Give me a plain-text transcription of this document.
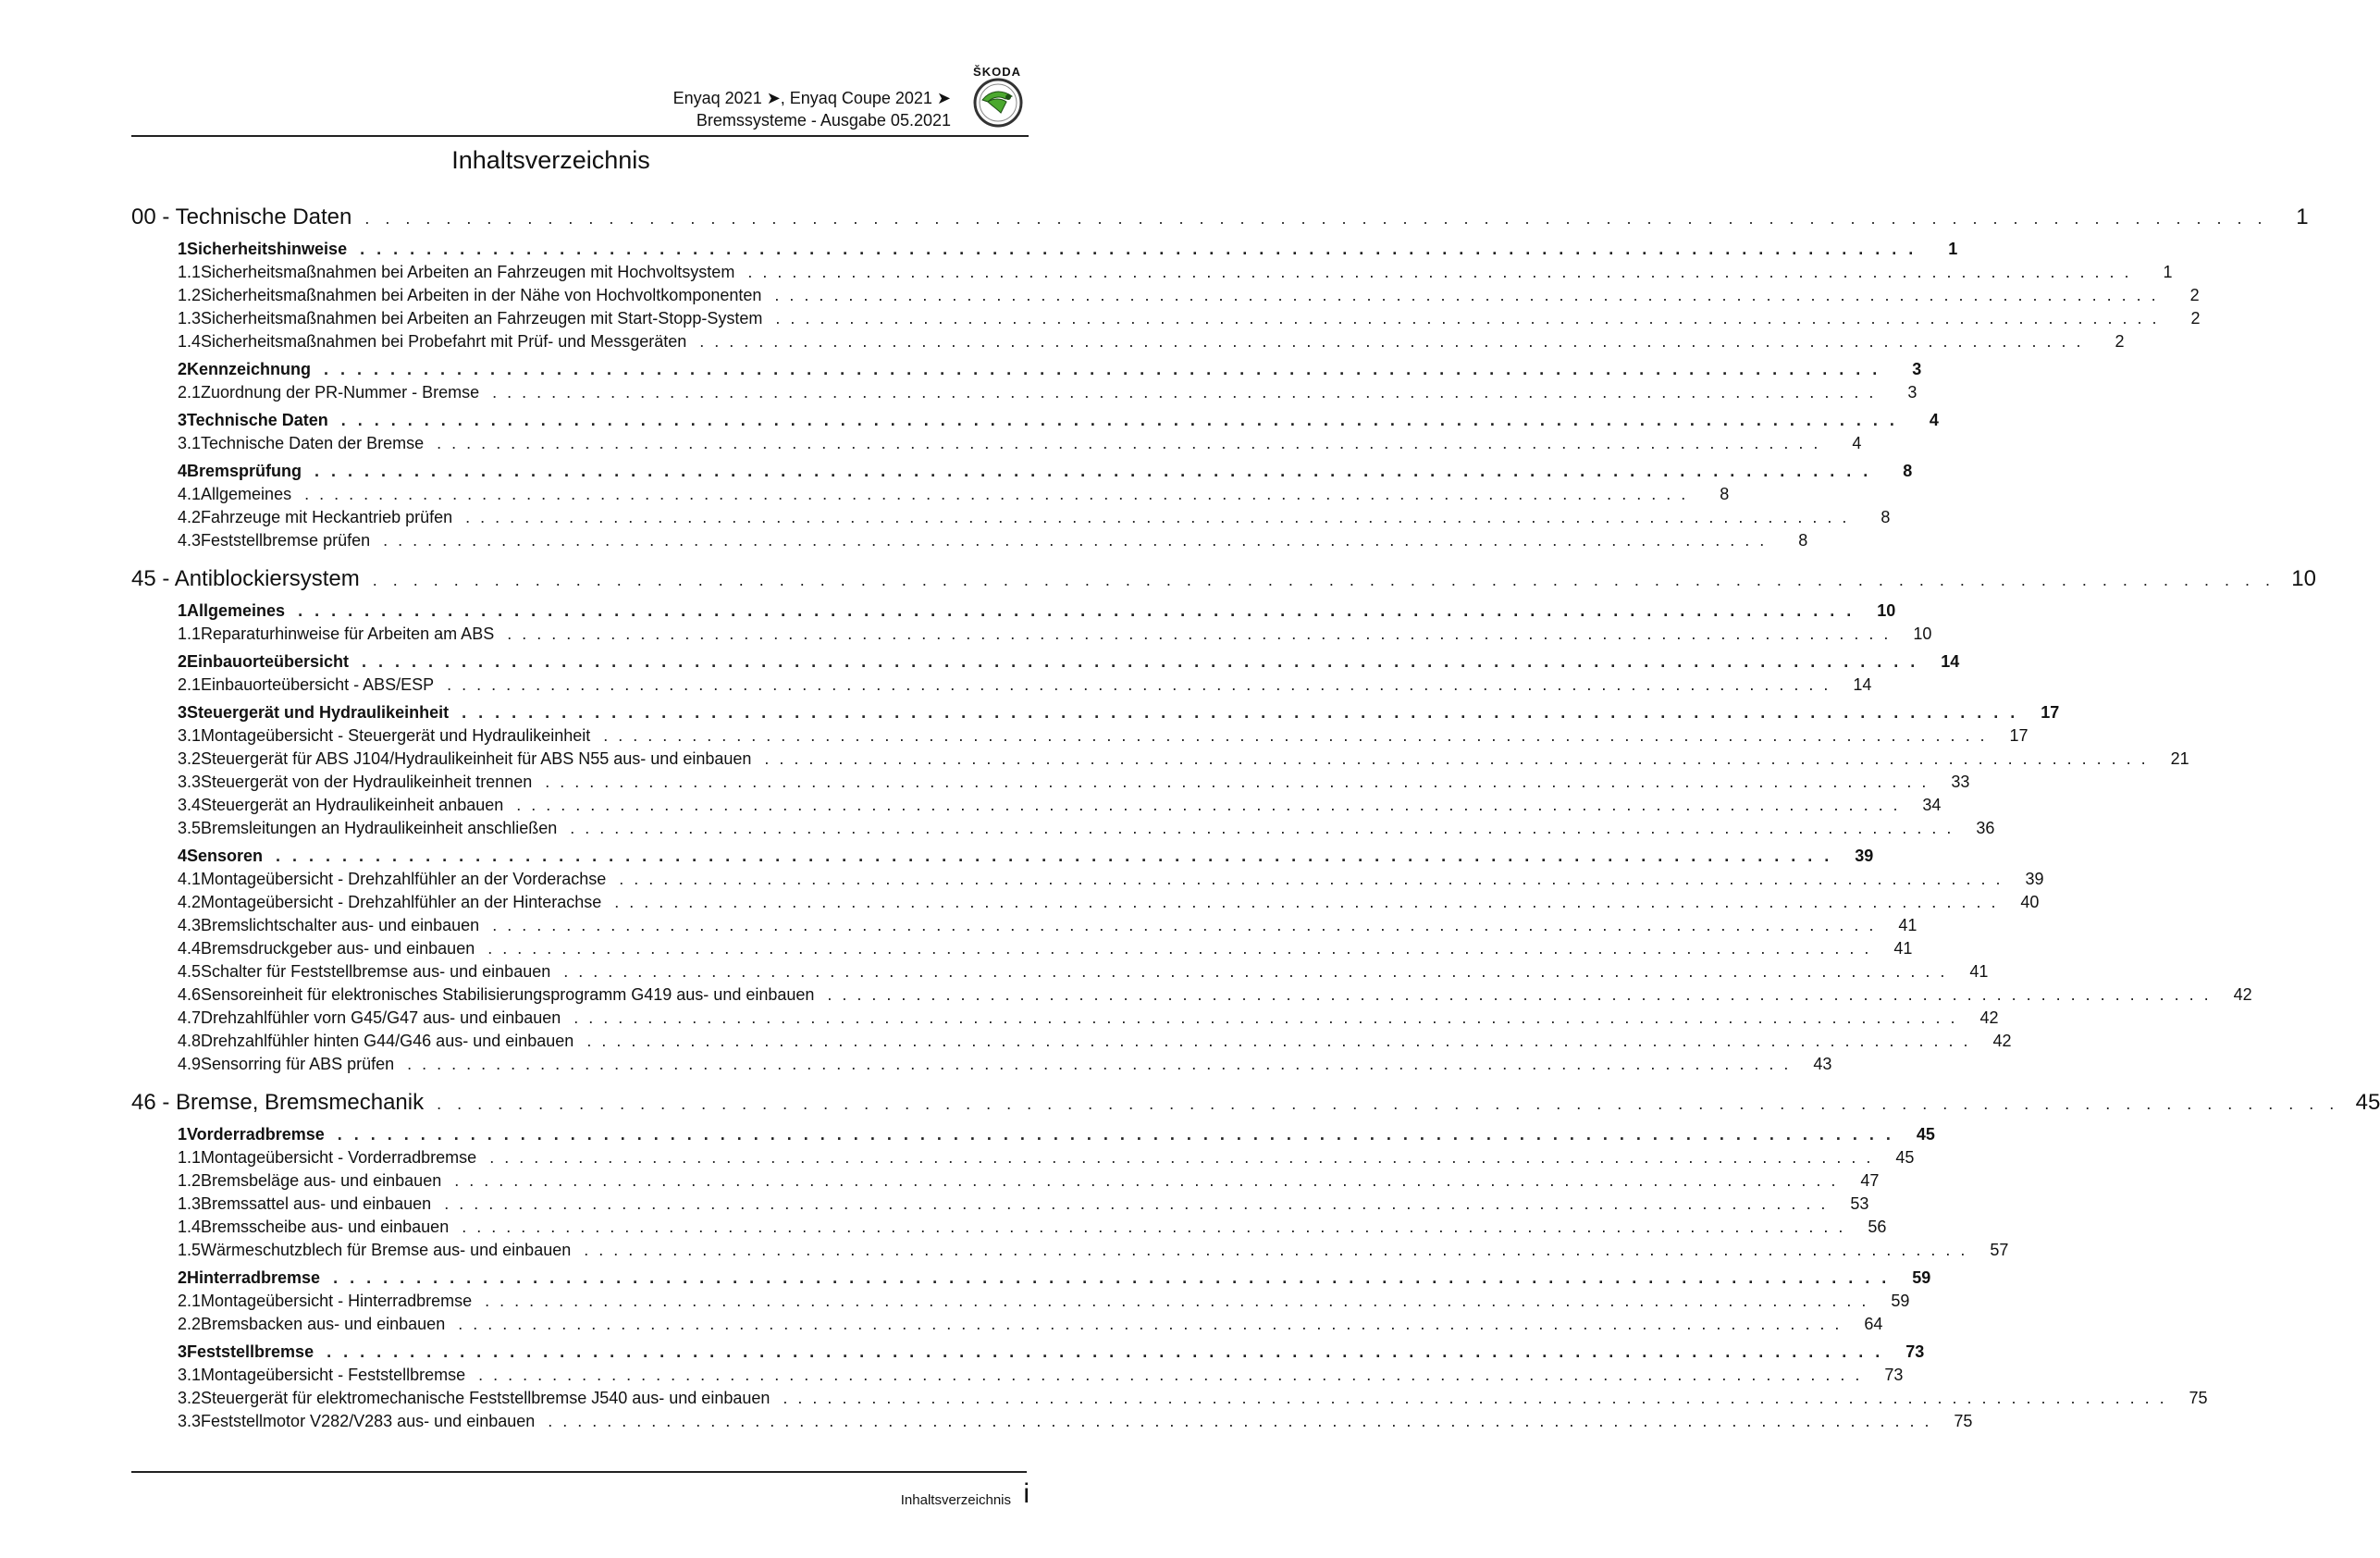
ŠKODA
Enyaq 2021 ➤, Enyaq Coupe 2021 ➤
Bremssysteme - Ausgabe 05.2021
Inhaltsverzeichnis
00 - Technische Daten . . . . . . . . . . . . . . . . . . . . . . . . . . . . . . . . . . . . . . . . . . . . . . . . . . . . . . . . . . . . . . . . . . . . . . . . . . . . . . . . . . . . . . . . . . . . . .	1
1 Sicherheitshinweise . . . . . . . . . . . . . . . . . . . . . . . . . . . . . . . . . . . . . . . . . . . . . . . . . . . . . . . . . . . . . . . . . . . . . . . . . . . . . . . . . . . . . . . . . . . . . .	1
1.1 Sicherheitsmaßnahmen bei Arbeiten an Fahrzeugen mit Hochvoltsystem . . . . . . . . . . . . . . . . . . . . . . . . . . . . . . . . . . . . . . . . . . . . . . . . . . . . . . . . . . . . . . . . . . . . . . . . . . . . . . . . . . . . . . . . . . . . . .	1
1.2 Sicherheitsmaßnahmen bei Arbeiten in der Nähe von Hochvoltkomponenten . . . . . . . . . . . . . . . . . . . . . . . . . . . . . . . . . . . . . . . . . . . . . . . . . . . . . . . . . . . . . . . . . . . . . . . . . . . . . . . . . . . . . . . . . . . . . .	2
1.3 Sicherheitsmaßnahmen bei Arbeiten an Fahrzeugen mit Start-Stopp-System . . . . . . . . . . . . . . . . . . . . . . . . . . . . . . . . . . . . . . . . . . . . . . . . . . . . . . . . . . . . . . . . . . . . . . . . . . . . . . . . . . . . . . . . . . . . . .	2
1.4 Sicherheitsmaßnahmen bei Probefahrt mit Prüf- und Messgeräten . . . . . . . . . . . . . . . . . . . . . . . . . . . . . . . . . . . . . . . . . . . . . . . . . . . . . . . . . . . . . . . . . . . . . . . . . . . . . . . . . . . . . . . . . . . . . .	2
2 Kennzeichnung . . . . . . . . . . . . . . . . . . . . . . . . . . . . . . . . . . . . . . . . . . . . . . . . . . . . . . . . . . . . . . . . . . . . . . . . . . . . . . . . . . . . . . . . . . . . . .	3
2.1 Zuordnung der PR-Nummer - Bremse . . . . . . . . . . . . . . . . . . . . . . . . . . . . . . . . . . . . . . . . . . . . . . . . . . . . . . . . . . . . . . . . . . . . . . . . . . . . . . . . . . . . . . . . . . . . . .	3
3 Technische Daten . . . . . . . . . . . . . . . . . . . . . . . . . . . . . . . . . . . . . . . . . . . . . . . . . . . . . . . . . . . . . . . . . . . . . . . . . . . . . . . . . . . . . . . . . . . . . .	4
3.1 Technische Daten der Bremse . . . . . . . . . . . . . . . . . . . . . . . . . . . . . . . . . . . . . . . . . . . . . . . . . . . . . . . . . . . . . . . . . . . . . . . . . . . . . . . . . . . . . . . . . . . . . .	4
4 Bremsprüfung . . . . . . . . . . . . . . . . . . . . . . . . . . . . . . . . . . . . . . . . . . . . . . . . . . . . . . . . . . . . . . . . . . . . . . . . . . . . . . . . . . . . . . . . . . . . . .	8
4.1 Allgemeines . . . . . . . . . . . . . . . . . . . . . . . . . . . . . . . . . . . . . . . . . . . . . . . . . . . . . . . . . . . . . . . . . . . . . . . . . . . . . . . . . . . . . . . . . . . . . .	8
4.2 Fahrzeuge mit Heckantrieb prüfen . . . . . . . . . . . . . . . . . . . . . . . . . . . . . . . . . . . . . . . . . . . . . . . . . . . . . . . . . . . . . . . . . . . . . . . . . . . . . . . . . . . . . . . . . . . . . .	8
4.3 Feststellbremse prüfen . . . . . . . . . . . . . . . . . . . . . . . . . . . . . . . . . . . . . . . . . . . . . . . . . . . . . . . . . . . . . . . . . . . . . . . . . . . . . . . . . . . . . . . . . . . . . .	8
45 - Antiblockiersystem . . . . . . . . . . . . . . . . . . . . . . . . . . . . . . . . . . . . . . . . . . . . . . . . . . . . . . . . . . . . . . . . . . . . . . . . . . . . . . . . . . . . . . . . . . . . . . 10
1 Allgemeines . . . . . . . . . . . . . . . . . . . . . . . . . . . . . . . . . . . . . . . . . . . . . . . . . . . . . . . . . . . . . . . . . . . . . . . . . . . . . . . . . . . . . . . . . . . . . .	10
1.1 Reparaturhinweise für Arbeiten am ABS . . . . . . . . . . . . . . . . . . . . . . . . . . . . . . . . . . . . . . . . . . . . . . . . . . . . . . . . . . . . . . . . . . . . . . . . . . . . . . . . . . . . . . . . . . . . . .	10
2 Einbauorteübersicht . . . . . . . . . . . . . . . . . . . . . . . . . . . . . . . . . . . . . . . . . . . . . . . . . . . . . . . . . . . . . . . . . . . . . . . . . . . . . . . . . . . . . . . . . . . . . .	14
2.1 Einbauorteübersicht - ABS/ESP . . . . . . . . . . . . . . . . . . . . . . . . . . . . . . . . . . . . . . . . . . . . . . . . . . . . . . . . . . . . . . . . . . . . . . . . . . . . . . . . . . . . . . . . . . . . . .	14
3 Steuergerät und Hydraulikeinheit . . . . . . . . . . . . . . . . . . . . . . . . . . . . . . . . . . . . . . . . . . . . . . . . . . . . . . . . . . . . . . . . . . . . . . . . . . . . . . . . . . . . . . . . . . . . . .	17
3.1 Montageübersicht - Steuergerät und Hydraulikeinheit . . . . . . . . . . . . . . . . . . . . . . . . . . . . . . . . . . . . . . . . . . . . . . . . . . . . . . . . . . . . . . . . . . . . . . . . . . . . . . . . . . . . . . . . . . . . . .	17
3.2 Steuergerät für ABS J104/Hydraulikeinheit für ABS N55 aus- und einbauen . . . . . . . . . . . . . . . . . . . . . . . . . . . . . . . . . . . . . . . . . . . . . . . . . . . . . . . . . . . . . . . . . . . . . . . . . . . . . . . . . . . . . . . . . . . . . .	21
3.3 Steuergerät von der Hydraulikeinheit trennen . . . . . . . . . . . . . . . . . . . . . . . . . . . . . . . . . . . . . . . . . . . . . . . . . . . . . . . . . . . . . . . . . . . . . . . . . . . . . . . . . . . . . . . . . . . . . .	33
3.4 Steuergerät an Hydraulikeinheit anbauen . . . . . . . . . . . . . . . . . . . . . . . . . . . . . . . . . . . . . . . . . . . . . . . . . . . . . . . . . . . . . . . . . . . . . . . . . . . . . . . . . . . . . . . . . . . . . .	34
3.5 Bremsleitungen an Hydraulikeinheit anschließen . . . . . . . . . . . . . . . . . . . . . . . . . . . . . . . . . . . . . . . . . . . . . . . . . . . . . . . . . . . . . . . . . . . . . . . . . . . . . . . . . . . . . . . . . . . . . .	36
4 Sensoren . . . . . . . . . . . . . . . . . . . . . . . . . . . . . . . . . . . . . . . . . . . . . . . . . . . . . . . . . . . . . . . . . . . . . . . . . . . . . . . . . . . . . . . . . . . . . .	39
4.1 Montageübersicht - Drehzahlfühler an der Vorderachse . . . . . . . . . . . . . . . . . . . . . . . . . . . . . . . . . . . . . . . . . . . . . . . . . . . . . . . . . . . . . . . . . . . . . . . . . . . . . . . . . . . . . . . . . . . . . .	39
4.2 Montageübersicht - Drehzahlfühler an der Hinterachse . . . . . . . . . . . . . . . . . . . . . . . . . . . . . . . . . . . . . . . . . . . . . . . . . . . . . . . . . . . . . . . . . . . . . . . . . . . . . . . . . . . . . . . . . . . . . .	40
4.3 Bremslichtschalter aus- und einbauen . . . . . . . . . . . . . . . . . . . . . . . . . . . . . . . . . . . . . . . . . . . . . . . . . . . . . . . . . . . . . . . . . . . . . . . . . . . . . . . . . . . . . . . . . . . . . .	41
4.4 Bremsdruckgeber aus- und einbauen . . . . . . . . . . . . . . . . . . . . . . . . . . . . . . . . . . . . . . . . . . . . . . . . . . . . . . . . . . . . . . . . . . . . . . . . . . . . . . . . . . . . . . . . . . . . . .	41
4.5 Schalter für Feststellbremse aus- und einbauen . . . . . . . . . . . . . . . . . . . . . . . . . . . . . . . . . . . . . . . . . . . . . . . . . . . . . . . . . . . . . . . . . . . . . . . . . . . . . . . . . . . . . . . . . . . . . .	41
4.6 Sensoreinheit für elektronisches Stabilisierungsprogramm G419 aus- und einbauen . . . . . . . . . . . . . . . . . . . . . . . . . . . . . . . . . . . . . . . . . . . . . . . . . . . . . . . . . . . . . . . . . . . . . . . . . . . . . . . . . . . . . . . . . . . . . .	42
4.7 Drehzahlfühler vorn G45/G47 aus- und einbauen . . . . . . . . . . . . . . . . . . . . . . . . . . . . . . . . . . . . . . . . . . . . . . . . . . . . . . . . . . . . . . . . . . . . . . . . . . . . . . . . . . . . . . . . . . . . . .	42
4.8 Drehzahlfühler hinten G44/G46 aus- und einbauen . . . . . . . . . . . . . . . . . . . . . . . . . . . . . . . . . . . . . . . . . . . . . . . . . . . . . . . . . . . . . . . . . . . . . . . . . . . . . . . . . . . . . . . . . . . . . .	42
4.9 Sensorring für ABS prüfen . . . . . . . . . . . . . . . . . . . . . . . . . . . . . . . . . . . . . . . . . . . . . . . . . . . . . . . . . . . . . . . . . . . . . . . . . . . . . . . . . . . . . . . . . . . . . .	43
46 - Bremse, Bremsmechanik . . . . . . . . . . . . . . . . . . . . . . . . . . . . . . . . . . . . . . . . . . . . . . . . . . . . . . . . . . . . . . . . . . . . . . . . . . . . . . . . . . . . . . . . . . . . . . 45
1 Vorderradbremse . . . . . . . . . . . . . . . . . . . . . . . . . . . . . . . . . . . . . . . . . . . . . . . . . . . . . . . . . . . . . . . . . . . . . . . . . . . . . . . . . . . . . . . . . . . . . .	45
1.1 Montageübersicht - Vorderradbremse . . . . . . . . . . . . . . . . . . . . . . . . . . . . . . . . . . . . . . . . . . . . . . . . . . . . . . . . . . . . . . . . . . . . . . . . . . . . . . . . . . . . . . . . . . . . . .	45
1.2 Bremsbeläge aus- und einbauen . . . . . . . . . . . . . . . . . . . . . . . . . . . . . . . . . . . . . . . . . . . . . . . . . . . . . . . . . . . . . . . . . . . . . . . . . . . . . . . . . . . . . . . . . . . . . .	47
1.3 Bremssattel aus- und einbauen . . . . . . . . . . . . . . . . . . . . . . . . . . . . . . . . . . . . . . . . . . . . . . . . . . . . . . . . . . . . . . . . . . . . . . . . . . . . . . . . . . . . . . . . . . . . . .	53
1.4 Bremsscheibe aus- und einbauen . . . . . . . . . . . . . . . . . . . . . . . . . . . . . . . . . . . . . . . . . . . . . . . . . . . . . . . . . . . . . . . . . . . . . . . . . . . . . . . . . . . . . . . . . . . . . .	56
1.5 Wärmeschutzblech für Bremse aus- und einbauen . . . . . . . . . . . . . . . . . . . . . . . . . . . . . . . . . . . . . . . . . . . . . . . . . . . . . . . . . . . . . . . . . . . . . . . . . . . . . . . . . . . . . . . . . . . . . .	57
2 Hinterradbremse . . . . . . . . . . . . . . . . . . . . . . . . . . . . . . . . . . . . . . . . . . . . . . . . . . . . . . . . . . . . . . . . . . . . . . . . . . . . . . . . . . . . . . . . . . . . . .	59
2.1 Montageübersicht - Hinterradbremse . . . . . . . . . . . . . . . . . . . . . . . . . . . . . . . . . . . . . . . . . . . . . . . . . . . . . . . . . . . . . . . . . . . . . . . . . . . . . . . . . . . . . . . . . . . . . .	59
2.2 Bremsbacken aus- und einbauen . . . . . . . . . . . . . . . . . . . . . . . . . . . . . . . . . . . . . . . . . . . . . . . . . . . . . . . . . . . . . . . . . . . . . . . . . . . . . . . . . . . . . . . . . . . . . .	64
3 Feststellbremse . . . . . . . . . . . . . . . . . . . . . . . . . . . . . . . . . . . . . . . . . . . . . . . . . . . . . . . . . . . . . . . . . . . . . . . . . . . . . . . . . . . . . . . . . . . . . .	73
3.1 Montageübersicht - Feststellbremse . . . . . . . . . . . . . . . . . . . . . . . . . . . . . . . . . . . . . . . . . . . . . . . . . . . . . . . . . . . . . . . . . . . . . . . . . . . . . . . . . . . . . . . . . . . . . .	73
3.2 Steuergerät für elektromechanische Feststellbremse J540 aus- und einbauen . . . . . . . . . . . . . . . . . . . . . . . . . . . . . . . . . . . . . . . . . . . . . . . . . . . . . . . . . . . . . . . . . . . . . . . . . . . . . . . . . . . . . . . . . . . . . .	75
3.3 Feststellmotor V282/V283 aus- und einbauen . . . . . . . . . . . . . . . . . . . . . . . . . . . . . . . . . . . . . . . . . . . . . . . . . . . . . . . . . . . . . . . . . . . . . . . . . . . . . . . . . . . . . . . . . . . . . .	75
Inhaltsverzeichnis i
